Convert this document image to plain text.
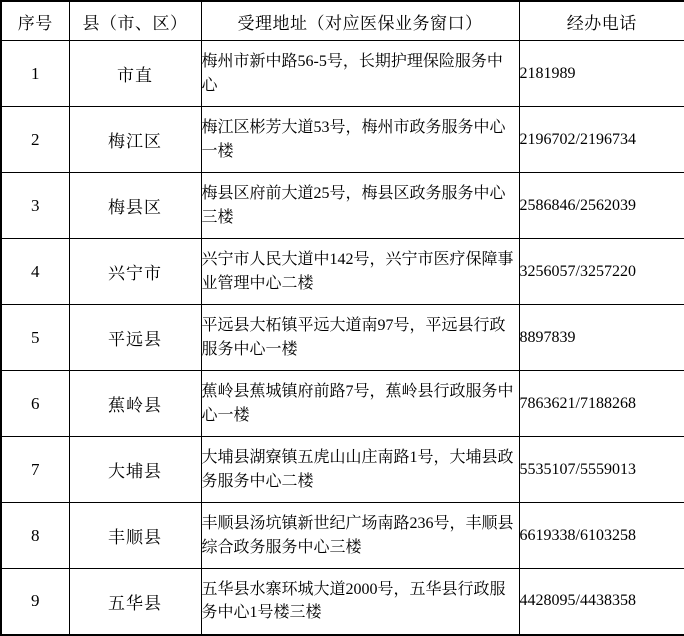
序号	县（市、区）	受理地址（对应医保业务窗口）	经办电话
1	市直	梅州市新中路56-5号，长期护理保险服务中心	2181989
2	梅江区	梅江区彬芳大道53号，梅州市政务服务中心一楼	2196702/2196734
3	梅县区	梅县区府前大道25号，梅县区政务服务中心三楼	2586846/2562039
4	兴宁市	兴宁市人民大道中142号，兴宁市医疗保障事业管理中心二楼	3256057/3257220
5	平远县	平远县大柘镇平远大道南97号，平远县行政服务中心一楼	8897839
6	蕉岭县	蕉岭县蕉城镇府前路7号，蕉岭县行政服务中心一楼	7863621/7188268
7	大埔县	大埔县湖寮镇五虎山山庄南路1号，大埔县政务服务中心二楼	5535107/5559013
8	丰顺县	丰顺县汤坑镇新世纪广场南路236号，丰顺县综合政务服务中心三楼	6619338/6103258
9	五华县	五华县水寨环城大道2000号，五华县行政服务中心1号楼三楼	4428095/4438358
